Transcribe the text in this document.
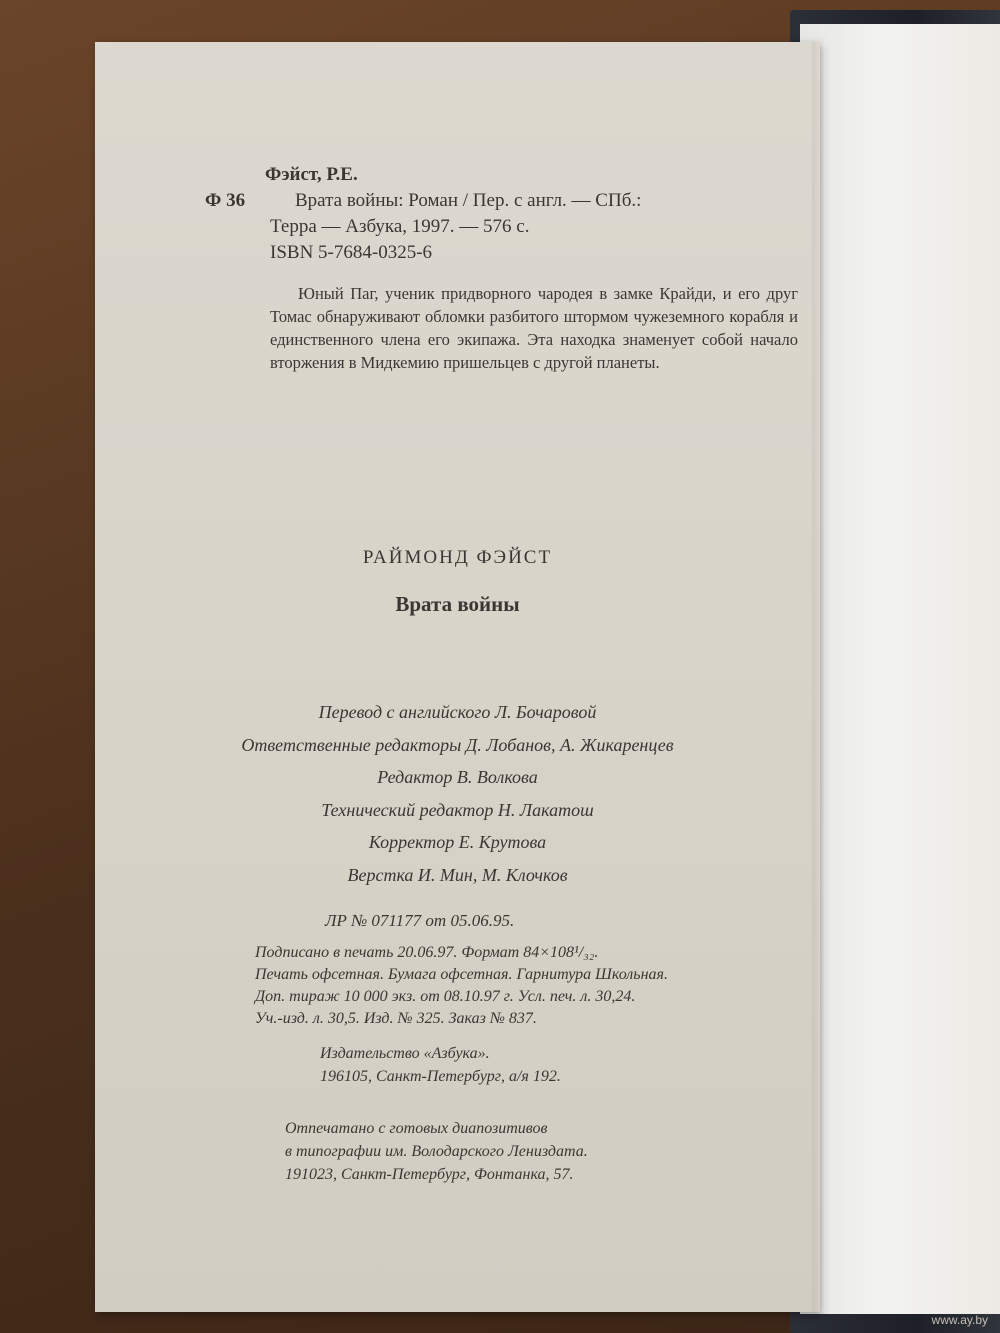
Фэйст, Р.Е.
Ф 36	Врата войны: Роман / Пер. с англ. — СПб.:
Терра — Азбука, 1997. — 576 с.
ISBN 5-7684-0325-6

Юный Паг, ученик придворного чародея в замке Крайди, и его друг Томас обнаруживают обломки разбитого штормом чужеземного корабля и единственного члена его экипажа. Эта находка знаменует собой начало вторжения в Мидкемию пришельцев с другой планеты.

РАЙМОНД ФЭЙСТ
Врата войны
Перевод с английского Л. Бочаровой
Ответственные редакторы Д. Лобанов, А. Жикаренцев
Редактор В. Волкова
Технический редактор Н. Лакатош
Корректор Е. Крутова
Верстка И. Мин, М. Клочков
ЛР № 071177 от 05.06.95.
Подписано в печать 20.06.97. Формат 84×108¹/₃₂.
Печать офсетная. Бумага офсетная. Гарнитура Школьная.
Доп. тираж 10 000 экз. от 08.10.97 г. Усл. печ. л. 30,24.
Уч.-изд. л. 30,5. Изд. № 325. Заказ № 837.
Издательство «Азбука».
196105, Санкт-Петербург, а/я 192.
Отпечатано с готовых диапозитивов
в типографии им. Володарского Лениздата.
191023, Санкт-Петербург, Фонтанка, 57.
www.ay.by
